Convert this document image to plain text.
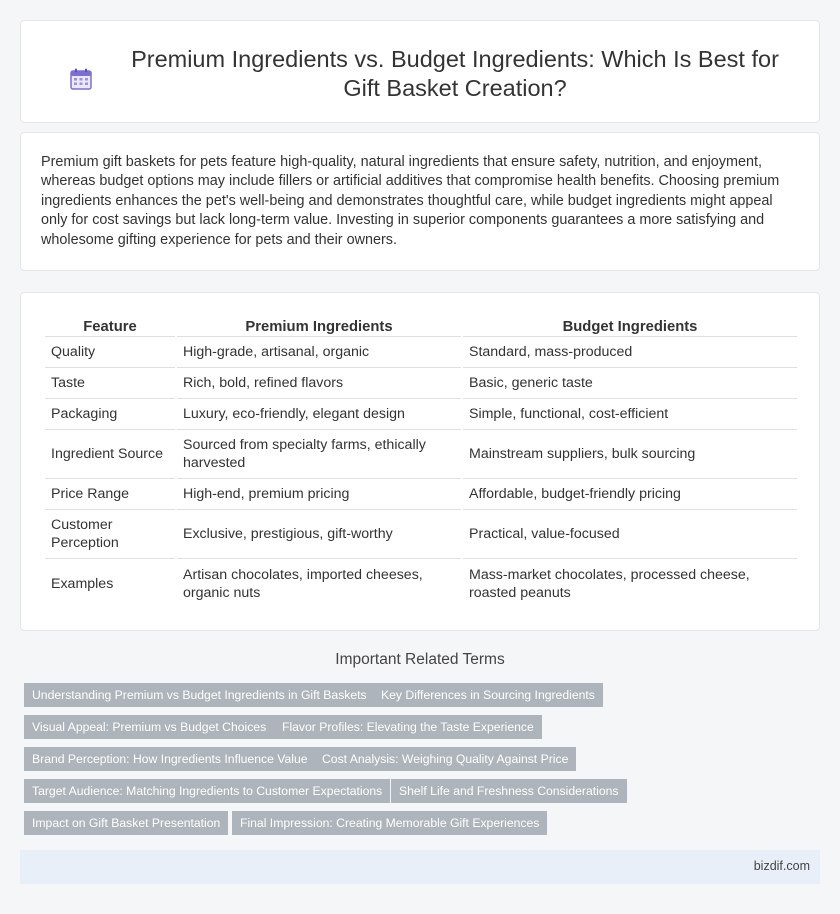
Premium Ingredients vs. Budget Ingredients: Which Is Best for Gift Basket Creation?

Premium gift baskets for pets feature high-quality, natural ingredients that ensure safety, nutrition, and enjoyment, whereas budget options may include fillers or artificial additives that compromise health benefits. Choosing premium ingredients enhances the pet's well-being and demonstrates thoughtful care, while budget ingredients might appeal only for cost savings but lack long-term value. Investing in superior components guarantees a more satisfying and wholesome gifting experience for pets and their owners.

Feature	Premium Ingredients	Budget Ingredients
Quality	High-grade, artisanal, organic	Standard, mass-produced
Taste	Rich, bold, refined flavors	Basic, generic taste
Packaging	Luxury, eco-friendly, elegant design	Simple, functional, cost-efficient
Ingredient Source	Sourced from specialty farms, ethically harvested	Mainstream suppliers, bulk sourcing
Price Range	High-end, premium pricing	Affordable, budget-friendly pricing
Customer Perception	Exclusive, prestigious, gift-worthy	Practical, value-focused
Examples	Artisan chocolates, imported cheeses, organic nuts	Mass-market chocolates, processed cheese, roasted peanuts
Important Related Terms
Understanding Premium vs Budget Ingredients in Gift Baskets	Key Differences in Sourcing Ingredients
Visual Appeal: Premium vs Budget Choices	Flavor Profiles: Elevating the Taste Experience
Brand Perception: How Ingredients Influence Value	Cost Analysis: Weighing Quality Against Price
Target Audience: Matching Ingredients to Customer Expectations	Shelf Life and Freshness Considerations
Impact on Gift Basket Presentation	Final Impression: Creating Memorable Gift Experiences
bizdif.com
